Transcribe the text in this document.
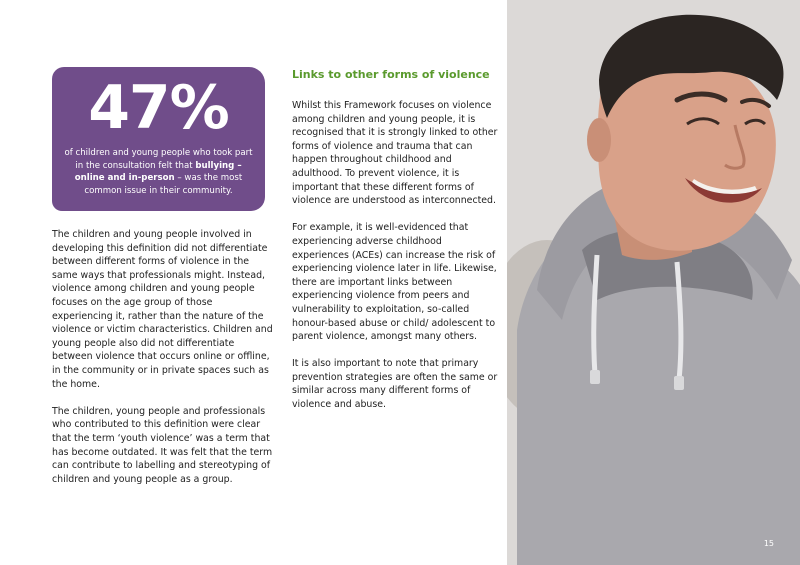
47%
of children and young people who took part in the consultation felt that bullying – online and in-person – was the most common issue in their community.

The children and young people involved in developing this definition did not differentiate between different forms of violence in the same ways that professionals might. Instead, violence among children and young people focuses on the age group of those experiencing it, rather than the nature of the violence or victim characteristics. Children and young people also did not differentiate between violence that occurs online or offline, in the community or in private spaces such as the home.

The children, young people and professionals who contributed to this definition were clear that the term ‘youth violence’ was a term that has become outdated. It was felt that the term can contribute to labelling and stereotyping of children and young people as a group.

Links to other forms of violence

Whilst this Framework focuses on violence among children and young people, it is recognised that it is strongly linked to other forms of violence and trauma that can happen throughout childhood and adulthood. To prevent violence, it is important that these different forms of violence are understood as interconnected.

For example, it is well-evidenced that experiencing adverse childhood experiences (ACEs) can increase the risk of experiencing violence later in life. Likewise, there are important links between experiencing violence from peers and vulnerability to exploitation, so-called honour-based abuse or child/ adolescent to parent violence, amongst many others.

It is also important to note that primary prevention strategies are often the same or similar across many different forms of violence and abuse.

15
